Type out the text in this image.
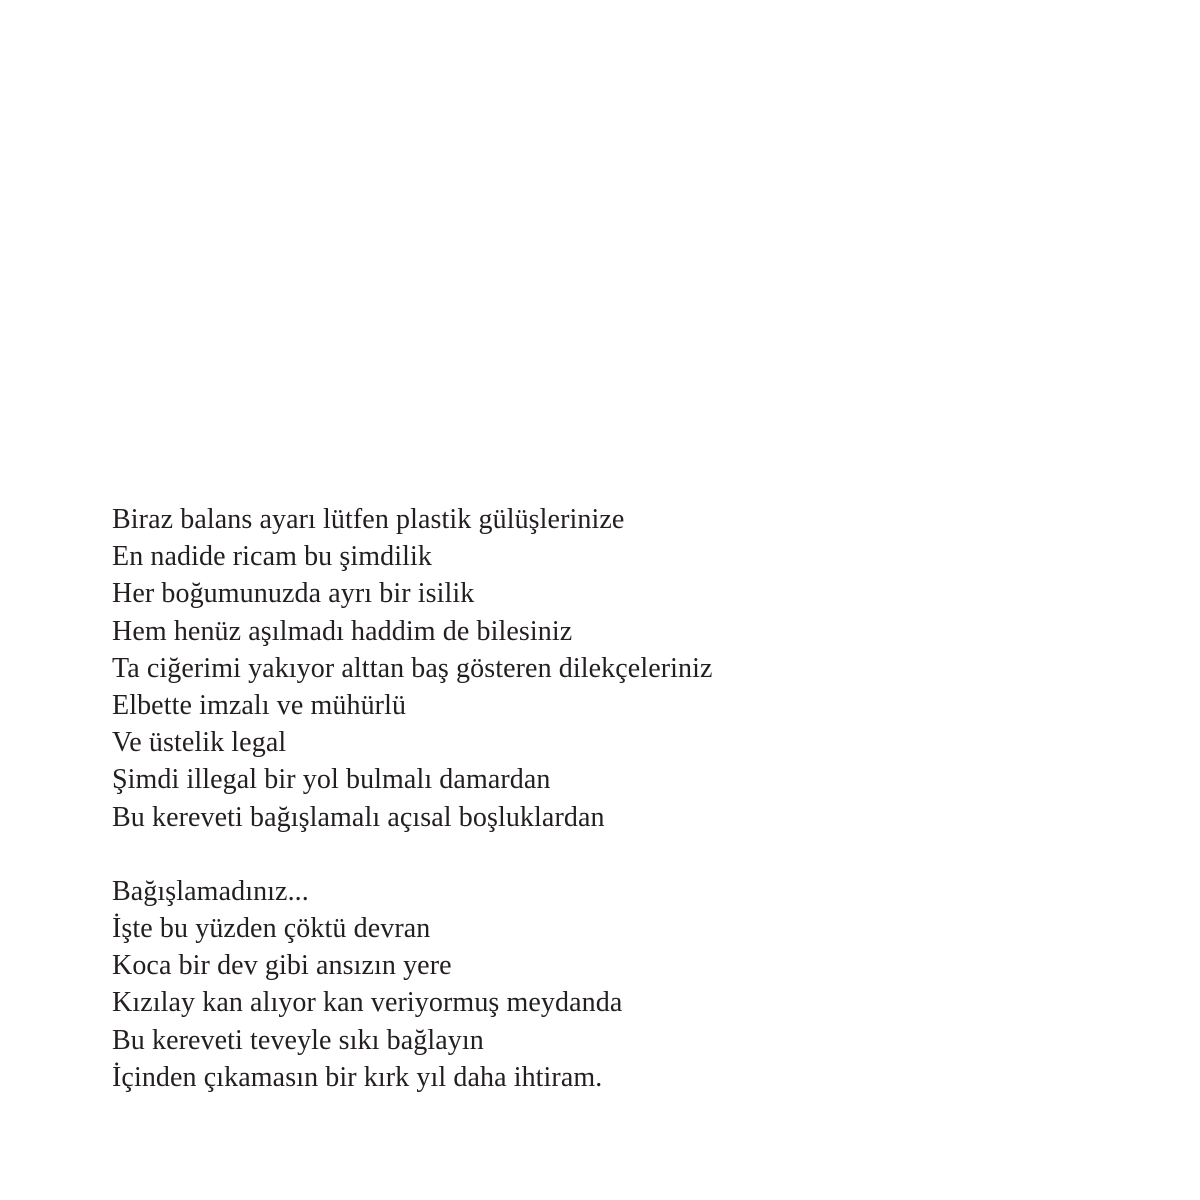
Biraz balans ayarı lütfen plastik gülüşlerinize
En nadide ricam bu şimdilik
Her boğumunuzda ayrı bir isilik
Hem henüz aşılmadı haddim de bilesiniz
Ta ciğerimi yakıyor alttan baş gösteren dilekçeleriniz
Elbette imzalı ve mühürlü
Ve üstelik legal
Şimdi illegal bir yol bulmalı damardan
Bu kereveti bağışlamalı açısal boşluklardan
Bağışlamadınız...
İşte bu yüzden çöktü devran
Koca bir dev gibi ansızın yere
Kızılay kan alıyor kan veriyormuş meydanda
Bu kereveti teveyle sıkı bağlayın
İçinden çıkamasın bir kırk yıl daha ihtiram.
